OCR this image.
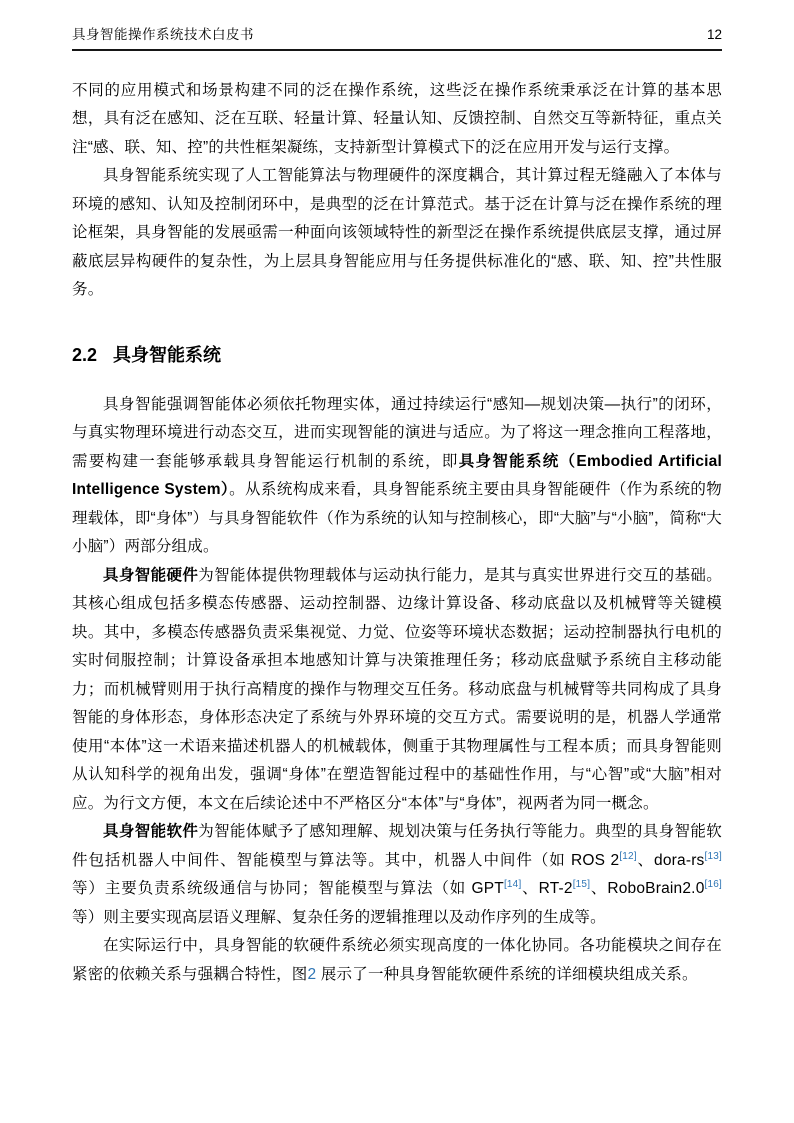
具身智能操作系统技术白皮书	12

不同的应用模式和场景构建不同的泛在操作系统，这些泛在操作系统秉承泛在计算的基本思想，具有泛在感知、泛在互联、轻量计算、轻量认知、反馈控制、自然交互等新特征，重点关注“感、联、知、控”的共性框架凝练，支持新型计算模式下的泛在应用开发与运行支撑。

具身智能系统实现了人工智能算法与物理硬件的深度耦合，其计算过程无缝融入了本体与环境的感知、认知及控制闭环中，是典型的泛在计算范式。基于泛在计算与泛在操作系统的理论框架，具身智能的发展亟需一种面向该领域特性的新型泛在操作系统提供底层支撑，通过屏蔽底层异构硬件的复杂性，为上层具身智能应用与任务提供标准化的“感、联、知、控”共性服务。

2.2 具身智能系统

具身智能强调智能体必须依托物理实体，通过持续运行“感知—规划决策—执行”的闭环，与真实物理环境进行动态交互，进而实现智能的演进与适应。为了将这一理念推向工程落地，需要构建一套能够承载具身智能运行机制的系统，即具身智能系统（Embodied Artificial Intelligence System）。从系统构成来看，具身智能系统主要由具身智能硬件（作为系统的物理载体，即“身体”）与具身智能软件（作为系统的认知与控制核心，即“大脑”与“小脑”，简称“大小脑”）两部分组成。

具身智能硬件为智能体提供物理载体与运动执行能力，是其与真实世界进行交互的基础。其核心组成包括多模态传感器、运动控制器、边缘计算设备、移动底盘以及机械臂等关键模块。其中，多模态传感器负责采集视觉、力觉、位姿等环境状态数据；运动控制器执行电机的实时伺服控制；计算设备承担本地感知计算与决策推理任务；移动底盘赋予系统自主移动能力；而机械臂则用于执行高精度的操作与物理交互任务。移动底盘与机械臂等共同构成了具身智能的身体形态，身体形态决定了系统与外界环境的交互方式。需要说明的是，机器人学通常使用“本体”这一术语来描述机器人的机械载体，侧重于其物理属性与工程本质；而具身智能则从认知科学的视角出发，强调“身体”在塑造智能过程中的基础性作用，与“心智”或“大脑”相对应。为行文方便，本文在后续论述中不严格区分“本体”与“身体”，视两者为同一概念。

具身智能软件为智能体赋予了感知理解、规划决策与任务执行等能力。典型的具身智能软件包括机器人中间件、智能模型与算法等。其中，机器人中间件（如 ROS 2[12]、dora-rs[13] 等）主要负责系统级通信与协同；智能模型与算法（如 GPT[14]、RT-2[15]、RoboBrain2.0[16] 等）则主要实现高层语义理解、复杂任务的逻辑推理以及动作序列的生成等。

在实际运行中，具身智能的软硬件系统必须实现高度的一体化协同。各功能模块之间存在紧密的依赖关系与强耦合特性，图2 展示了一种具身智能软硬件系统的详细模块组成关系。
